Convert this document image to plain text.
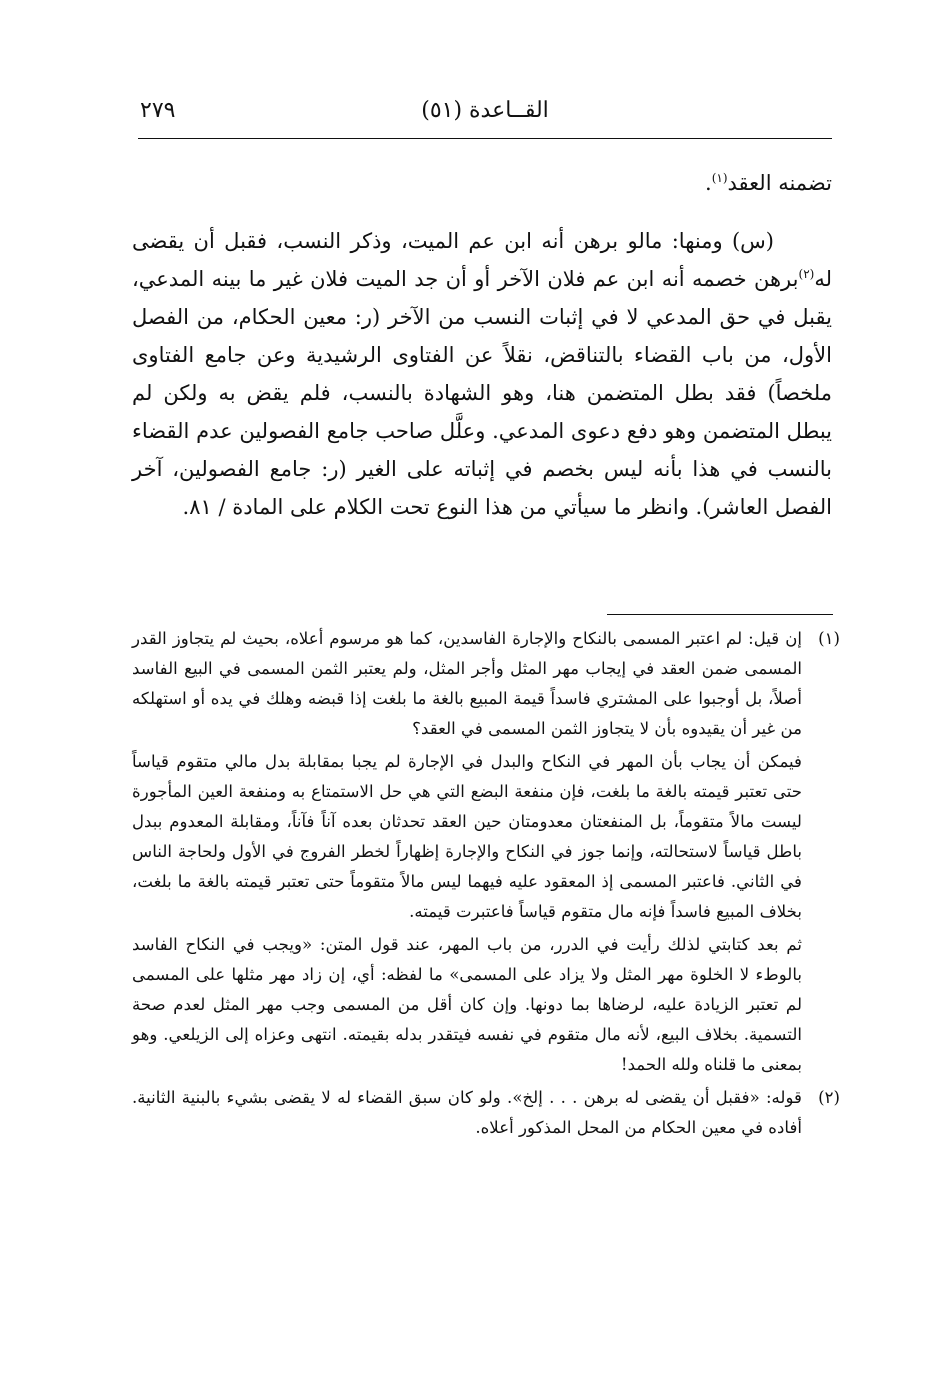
القــاعدة (٥١)
٢٧٩

تضمنه العقد$^{(١)}$.

(س) ومنها: مالو برهن أنه ابن عم الميت، وذكر النسب، فقبل أن يقضى له$^{(٢)}$برهن خصمه أنه ابن عم فلان الآخر أو أن جد الميت فلان غير ما بينه المدعي، يقبل في حق المدعي لا في إثبات النسب من الآخر (ر: معين الحكام، من الفصل الأول، من باب القضاء بالتناقض، نقلاً عن الفتاوى الرشيدية وعن جامع الفتاوى ملخصاً) فقد بطل المتضمن هنا، وهو الشهادة بالنسب، فلم يقض به ولكن لم يبطل المتضمن وهو دفع دعوى المدعي. وعلَّل صاحب جامع الفصولين عدم القضاء بالنسب في هذا بأنه ليس بخصم في إثباته على الغير (ر: جامع الفصولين، آخر الفصل العاشر). وانظر ما سيأتي من هذا النوع تحت الكلام على المادة / ٨١.

(١)

إن قيل: لم اعتبر المسمى بالنكاح والإجارة الفاسدين، كما هو مرسوم أعلاه، بحيث لم يتجاوز القدر المسمى ضمن العقد في إيجاب مهر المثل وأجر المثل، ولم يعتبر الثمن المسمى في البيع الفاسد أصلاً، بل أوجبوا على المشتري فاسداً قيمة المبيع بالغة ما بلغت إذا قبضه وهلك في يده أو استهلكه من غير أن يقيدوه بأن لا يتجاوز الثمن المسمى في العقد؟

فيمكن أن يجاب بأن المهر في النكاح والبدل في الإجارة لم يجبا بمقابلة بدل مالي متقوم قياساً حتى تعتبر قيمته بالغة ما بلغت، فإن منفعة البضع التي هي حل الاستمتاع به ومنفعة العين المأجورة ليست مالاً متقوماً، بل المنفعتان معدومتان حين العقد تحدثان بعده آناً فآناً، ومقابلة المعدوم ببدل باطل قياساً لاستحالته، وإنما جوز في النكاح والإجارة إظهاراً لخطر الفروج في الأول ولحاجة الناس في الثاني. فاعتبر المسمى إذ المعقود عليه فيهما ليس مالاً متقوماً حتى تعتبر قيمته بالغة ما بلغت، بخلاف المبيع فاسداً فإنه مال متقوم قياساً فاعتبرت قيمته.

ثم بعد كتابتي لذلك رأيت في الدرر، من باب المهر، عند قول المتن: «ويجب في النكاح الفاسد بالوطء لا الخلوة مهر المثل ولا يزاد على المسمى» ما لفظه: أي، إن زاد مهر مثلها على المسمى لم تعتبر الزيادة عليه، لرضاها بما دونها. وإن كان أقل من المسمى وجب مهر المثل لعدم صحة التسمية. بخلاف البيع، لأنه مال متقوم في نفسه فيتقدر بدله بقيمته. انتهى وعزاه إلى الزيلعي. وهو بمعنى ما قلناه ولله الحمد!

(٢)

قوله: «فقبل أن يقضى له برهن . . . إلخ». ولو كان سبق القضاء له لا يقضى بشيء بالبنية الثانية. أفاده في معين الحكام من المحل المذكور أعلاه.
